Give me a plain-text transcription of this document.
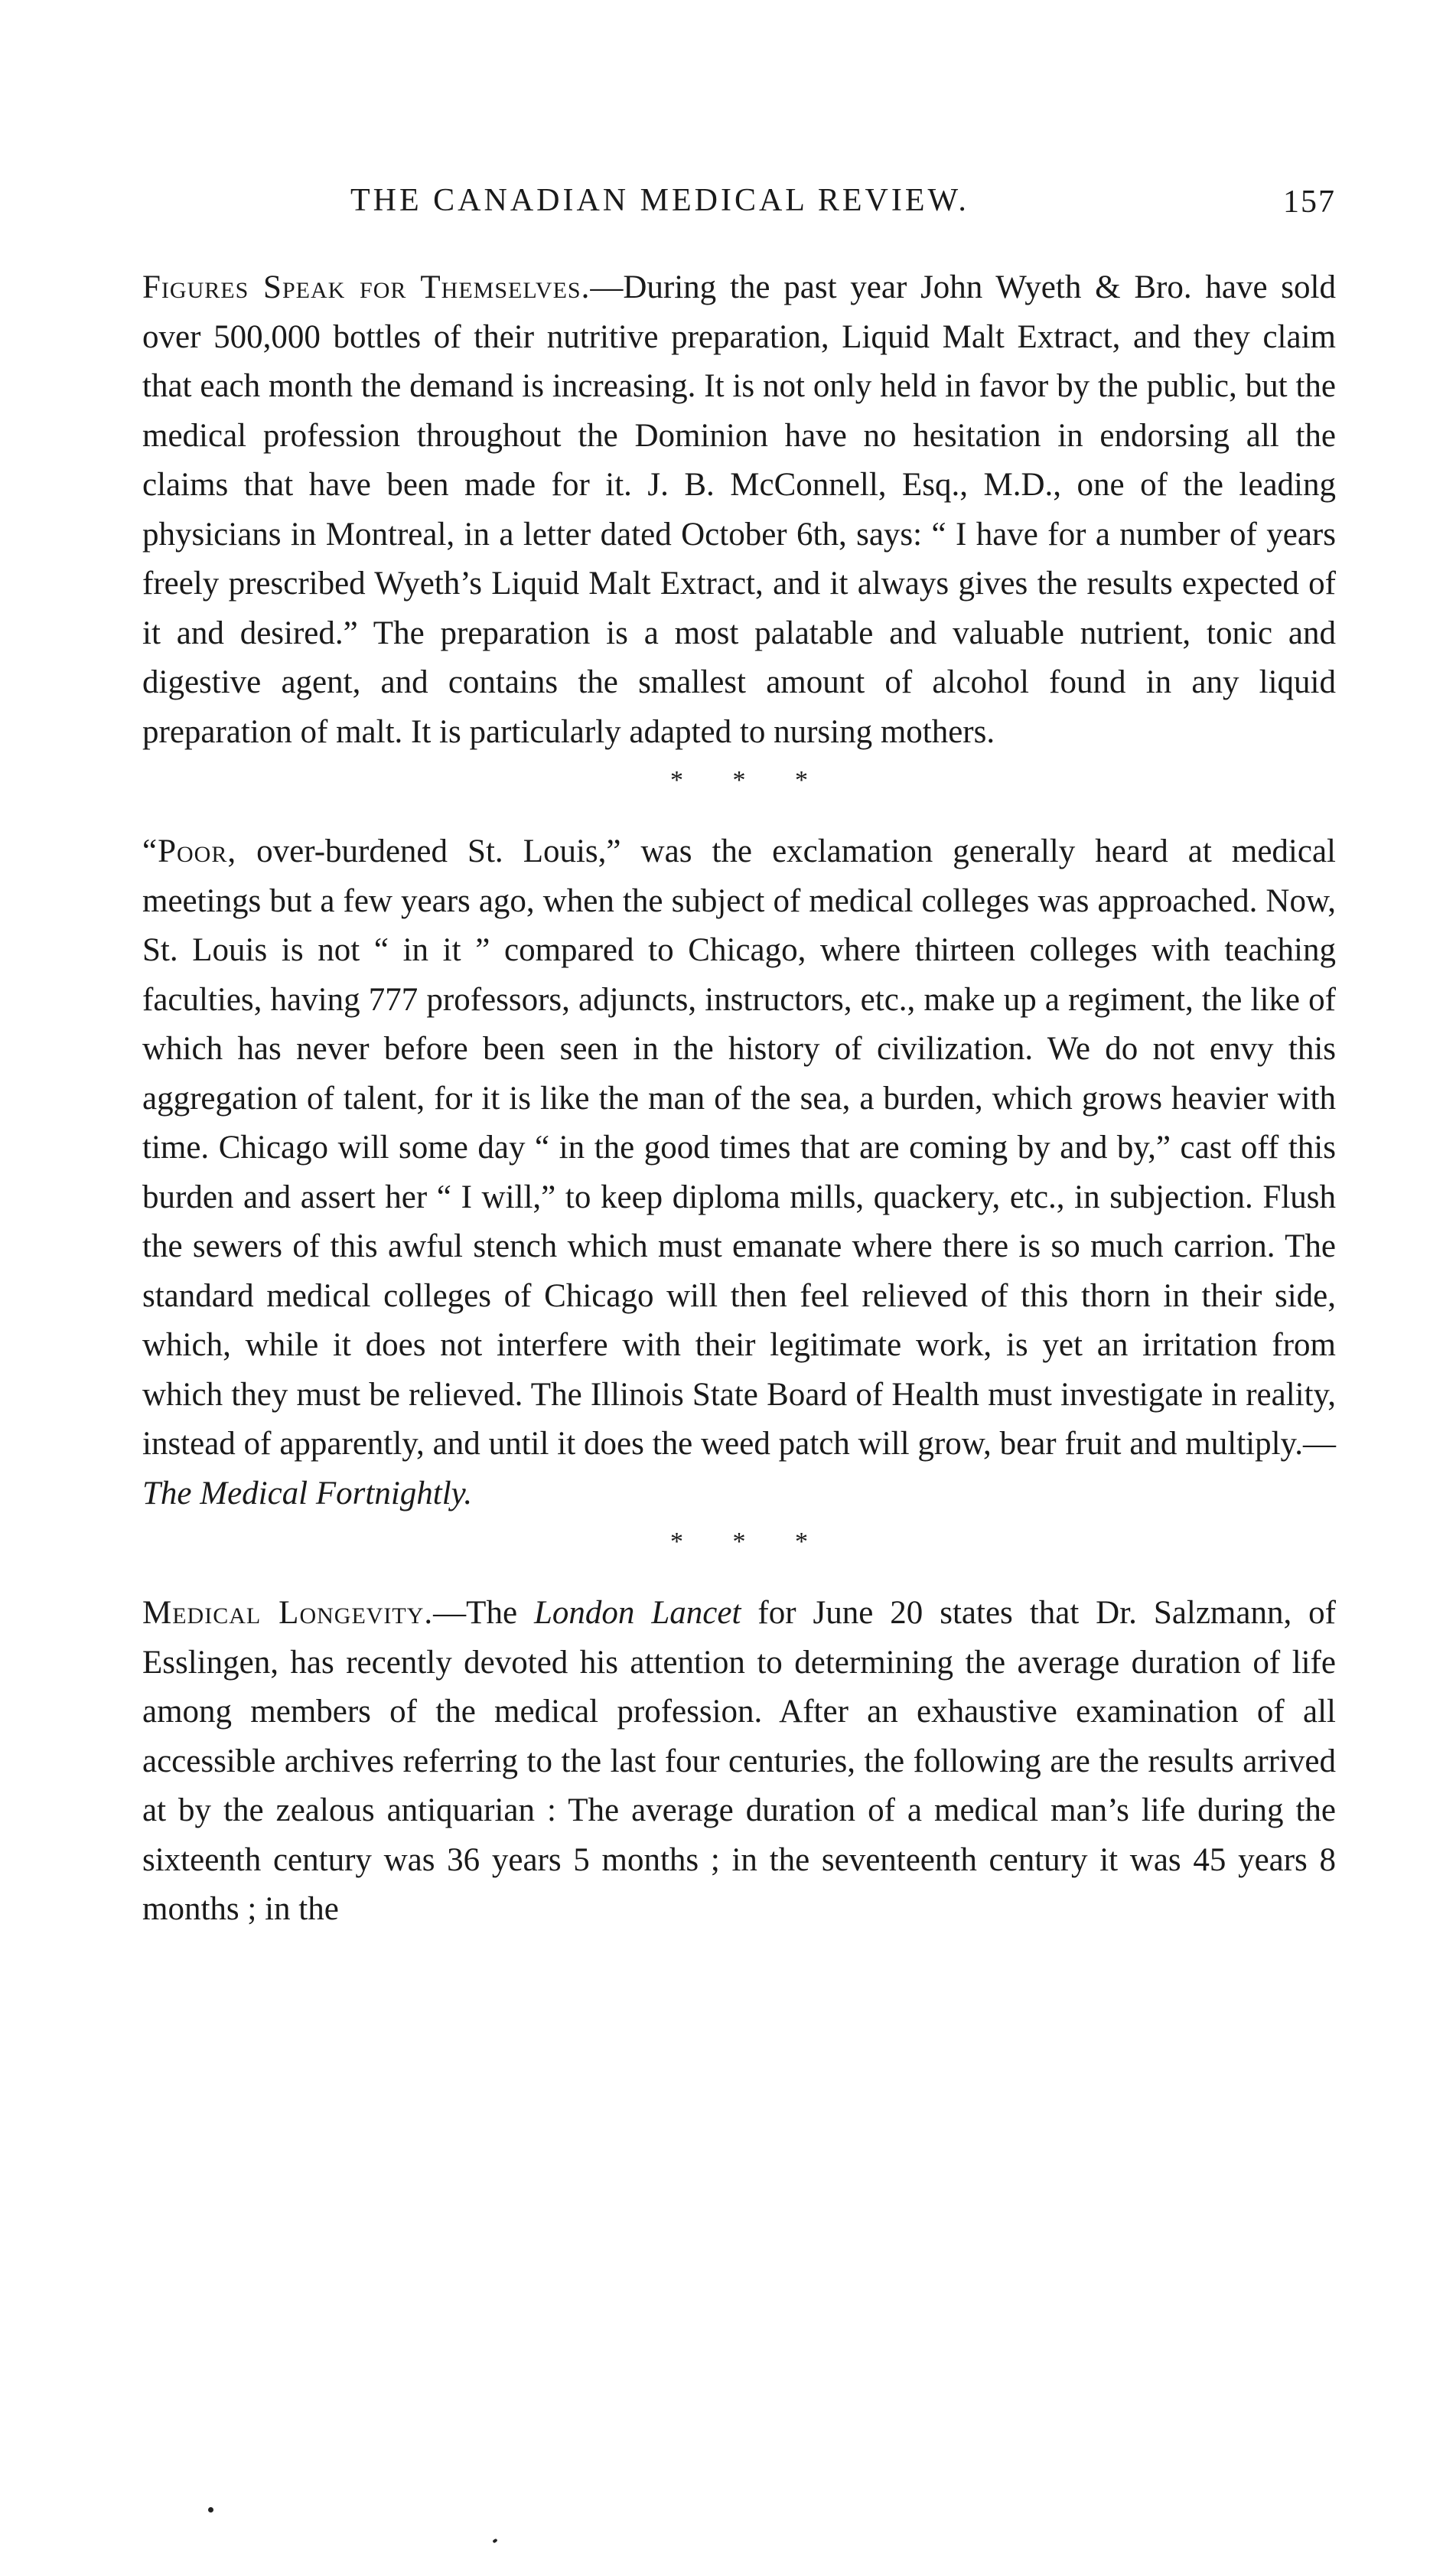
THE CANADIAN MEDICAL REVIEW.	157

Figures Speak for Themselves.—During the past year John Wyeth & Bro. have sold over 500,000 bottles of their nutritive preparation, Liquid Malt Extract, and they claim that each month the demand is increasing. It is not only held in favor by the public, but the medical profession throughout the Dominion have no hesitation in endorsing all the claims that have been made for it. J. B. McConnell, Esq., M.D., one of the leading physicians in Montreal, in a letter dated October 6th, says: “ I have for a number of years freely prescribed Wyeth’s Liquid Malt Extract, and it always gives the results expected of it and desired.” The preparation is a most palatable and valuable nutrient, tonic and digestive agent, and contains the smallest amount of alcohol found in any liquid preparation of malt. It is particularly adapted to nursing mothers.

* * *

“Poor, over-burdened St. Louis,” was the exclamation generally heard at medical meetings but a few years ago, when the subject of medical colleges was approached. Now, St. Louis is not “ in it ” compared to Chicago, where thirteen colleges with teaching faculties, having 777 professors, adjuncts, instructors, etc., make up a regiment, the like of which has never before been seen in the history of civilization. We do not envy this aggregation of talent, for it is like the man of the sea, a burden, which grows heavier with time. Chicago will some day “ in the good times that are coming by and by,” cast off this burden and assert her “ I will,” to keep diploma mills, quackery, etc., in subjection. Flush the sewers of this awful stench which must emanate where there is so much carrion. The standard medical colleges of Chicago will then feel relieved of this thorn in their side, which, while it does not interfere with their legitimate work, is yet an irritation from which they must be relieved. The Illinois State Board of Health must investigate in reality, instead of apparently, and until it does the weed patch will grow, bear fruit and multiply.—The Medical Fortnightly.

* * *

Medical Longevity.—The London Lancet for June 20 states that Dr. Salzmann, of Esslingen, has recently devoted his attention to determining the average duration of life among members of the medical profession. After an exhaustive examination of all accessible archives referring to the last four centuries, the following are the results arrived at by the zealous antiquarian : The average duration of a medical man’s life during the sixteenth century was 36 years 5 months ; in the seventeenth century it was 45 years 8 months ; in the
